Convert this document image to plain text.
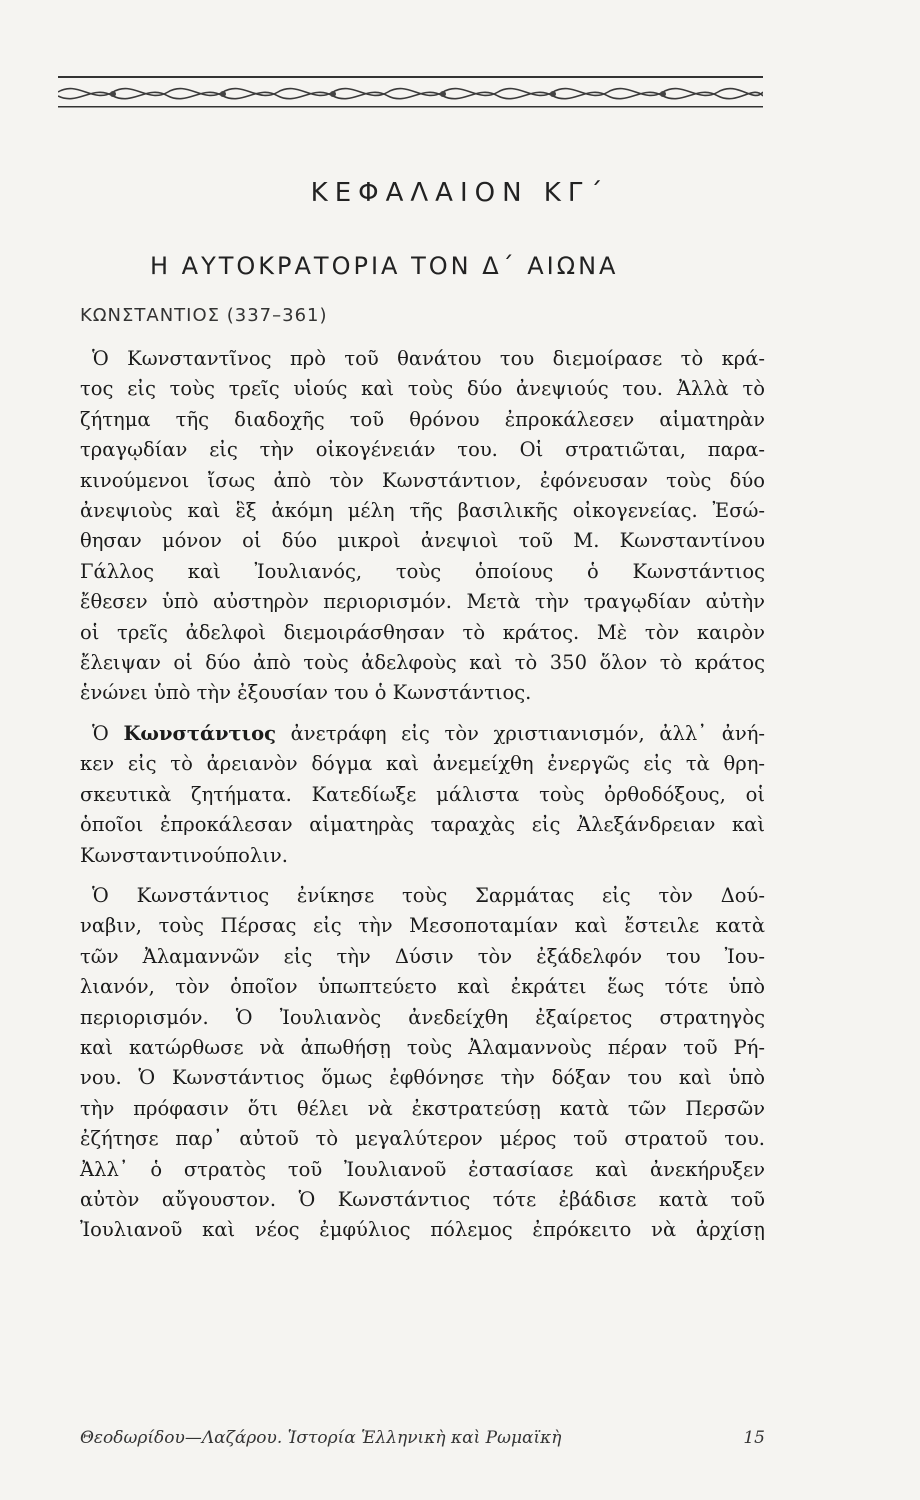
ΚΕΦΑΛΑΙΟΝ ΚΓ΄
Η ΑΥΤΟΚΡΑΤΟΡΙΑ ΤΟΝ Δ΄ ΑΙΩΝΑ
ΚΩΝΣΤΑΝΤΙΟΣ (337–361)

Ὁ Κωνσταντῖνος πρὸ τοῦ θανάτου του διεμοίρασε τὸ κρά-

τος εἰς τοὺς τρεῖς υἱούς καὶ τοὺς δύο ἀνεψιούς του. Ἀλλὰ τὸ

ζήτημα τῆς διαδοχῆς τοῦ θρόνου ἐπροκάλεσεν αἱματηρὰν

τραγῳδίαν εἰς τὴν οἰκογένειάν του. Οἱ στρατιῶται, παρα-

κινούμενοι ἴσως ἀπὸ τὸν Κωνστάντιον, ἐφόνευσαν τοὺς δύο

ἀνεψιοὺς καὶ ἓξ ἀκόμη μέλη τῆς βασιλικῆς οἰκογενείας. Ἐσώ-

θησαν μόνον οἱ δύο μικροὶ ἀνεψιοὶ τοῦ Μ. Κωνσταντίνου

Γάλλος καὶ Ἰουλιανός, τοὺς ὁποίους ὁ Κωνστάντιος

ἔθεσεν ὑπὸ αὐστηρὸν περιορισμόν. Μετὰ τὴν τραγῳδίαν αὐτὴν

οἱ τρεῖς ἀδελφοὶ διεμοιράσθησαν τὸ κράτος. Μὲ τὸν καιρὸν

ἔλειψαν οἱ δύο ἀπὸ τοὺς ἀδελφοὺς καὶ τὸ 350 ὅλον τὸ κράτος

ἑνώνει ὑπὸ τὴν ἐξουσίαν του ὁ Κωνστάντιος.

Ὁ Κωνστάντιος ἀνετράφη εἰς τὸν χριστιανισμόν, ἀλλ᾽ ἀνή-

κεν εἰς τὸ ἀρειανὸν δόγμα καὶ ἀνεμείχθη ἐνεργῶς εἰς τὰ θρη-

σκευτικὰ ζητήματα. Κατεδίωξε μάλιστα τοὺς ὀρθοδόξους, οἱ

ὁποῖοι ἐπροκάλεσαν αἱματηρὰς ταραχὰς εἰς Ἀλεξάνδρειαν καὶ

Κωνσταντινούπολιν.

Ὁ Κωνστάντιος ἐνίκησε τοὺς Σαρμάτας εἰς τὸν Δού-

ναβιν, τοὺς Πέρσας εἰς τὴν Μεσοποταμίαν καὶ ἔστειλε κατὰ

τῶν Ἀλαμαννῶν εἰς τὴν Δύσιν τὸν ἐξάδελφόν του Ἰου-

λιανόν, τὸν ὁποῖον ὑπωπτεύετο καὶ ἐκράτει ἕως τότε ὑπὸ

περιορισμόν. Ὁ Ἰουλιανὸς ἀνεδείχθη ἐξαίρετος στρατηγὸς

καὶ κατώρθωσε νὰ ἀπωθήσῃ τοὺς Ἀλαμαννοὺς πέραν τοῦ Ρή-

νου. Ὁ Κωνστάντιος ὅμως ἐφθόνησε τὴν δόξαν του καὶ ὑπὸ

τὴν πρόφασιν ὅτι θέλει νὰ ἐκστρατεύσῃ κατὰ τῶν Περσῶν

ἐζήτησε παρ᾽ αὐτοῦ τὸ μεγαλύτερον μέρος τοῦ στρατοῦ του.

Ἀλλ᾽ ὁ στρατὸς τοῦ Ἰουλιανοῦ ἐστασίασε καὶ ἀνεκήρυξεν

αὐτὸν αὔγουστον. Ὁ Κωνστάντιος τότε ἐβάδισε κατὰ τοῦ

Ἰουλιανοῦ καὶ νέος ἐμφύλιος πόλεμος ἐπρόκειτο νὰ ἀρχίσῃ

Θεοδωρίδου—Λαζάρου. Ἱστορία Ἑλληνικὴ καὶ Ρωμαϊκὴ	15
